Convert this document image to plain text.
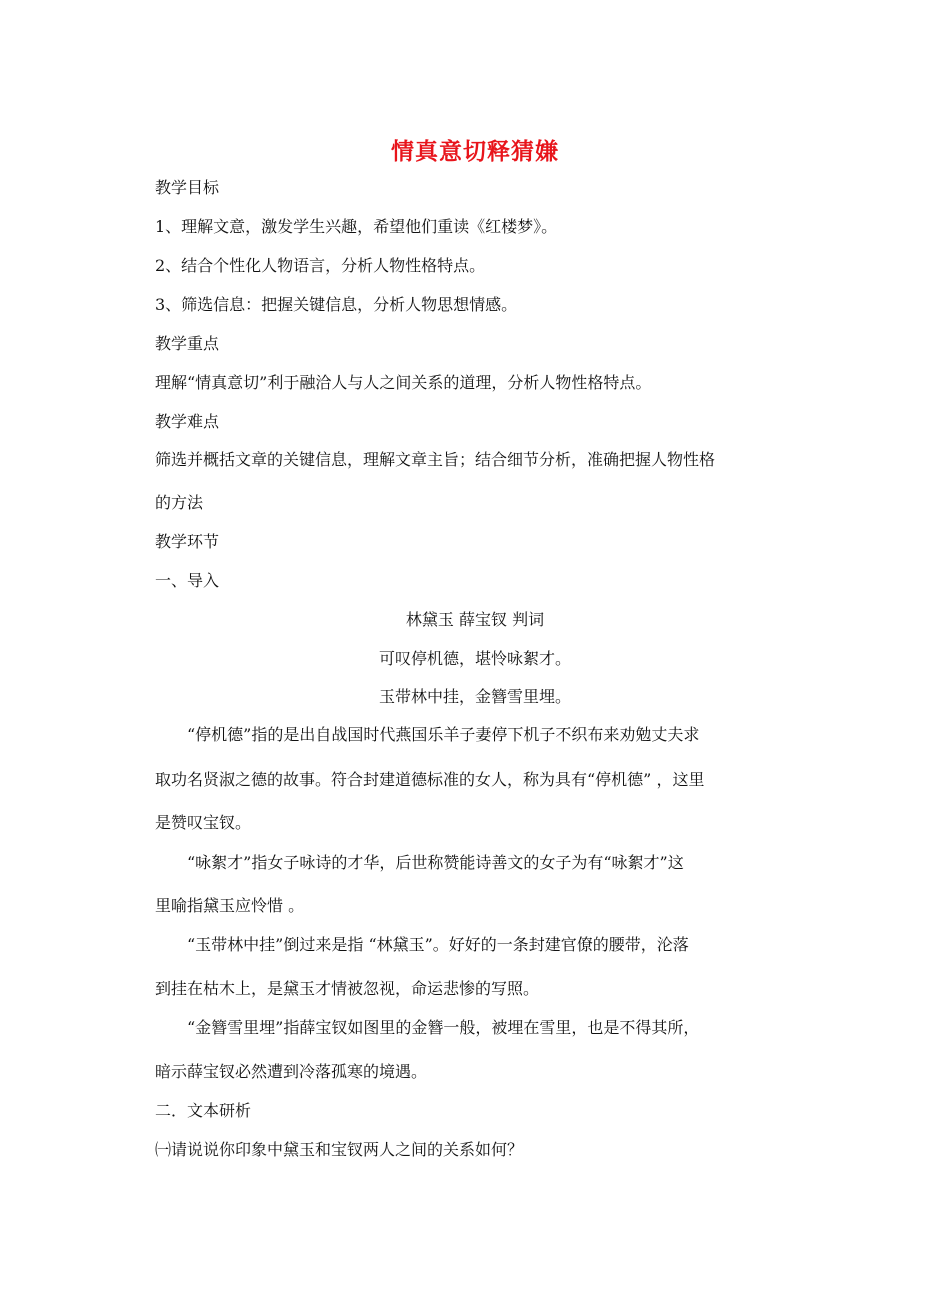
情真意切释猜嫌
教学目标
1、理解文意，激发学生兴趣，希望他们重读《红楼梦》。
2、结合个性化人物语言，分析人物性格特点。
3、筛选信息：把握关键信息，分析人物思想情感。
教学重点
理解“情真意切”利于融洽人与人之间关系的道理，分析人物性格特点。
教学难点
筛选并概括文章的关键信息，理解文章主旨；结合细节分析，准确把握人物性格
的方法
教学环节
一、导入
林黛玉 薛宝钗 判词
可叹停机德，堪怜咏絮才。
玉带林中挂，金簪雪里埋。
“停机德”指的是出自战国时代燕国乐羊子妻停下机子不织布来劝勉丈夫求
取功名贤淑之德的故事。符合封建道德标准的女人，称为具有“停机德” ，这里
是赞叹宝钗。
“咏絮才”指女子咏诗的才华，后世称赞能诗善文的女子为有“咏絮才”这
里喻指黛玉应怜惜 。
“玉带林中挂”倒过来是指 “林黛玉”。好好的一条封建官僚的腰带，沦落
到挂在枯木上，是黛玉才情被忽视，命运悲惨的写照。
“金簪雪里埋”指薛宝钗如图里的金簪一般，被埋在雪里，也是不得其所，
暗示薛宝钗必然遭到冷落孤寒的境遇。
二．文本研析
㈠请说说你印象中黛玉和宝钗两人之间的关系如何？
